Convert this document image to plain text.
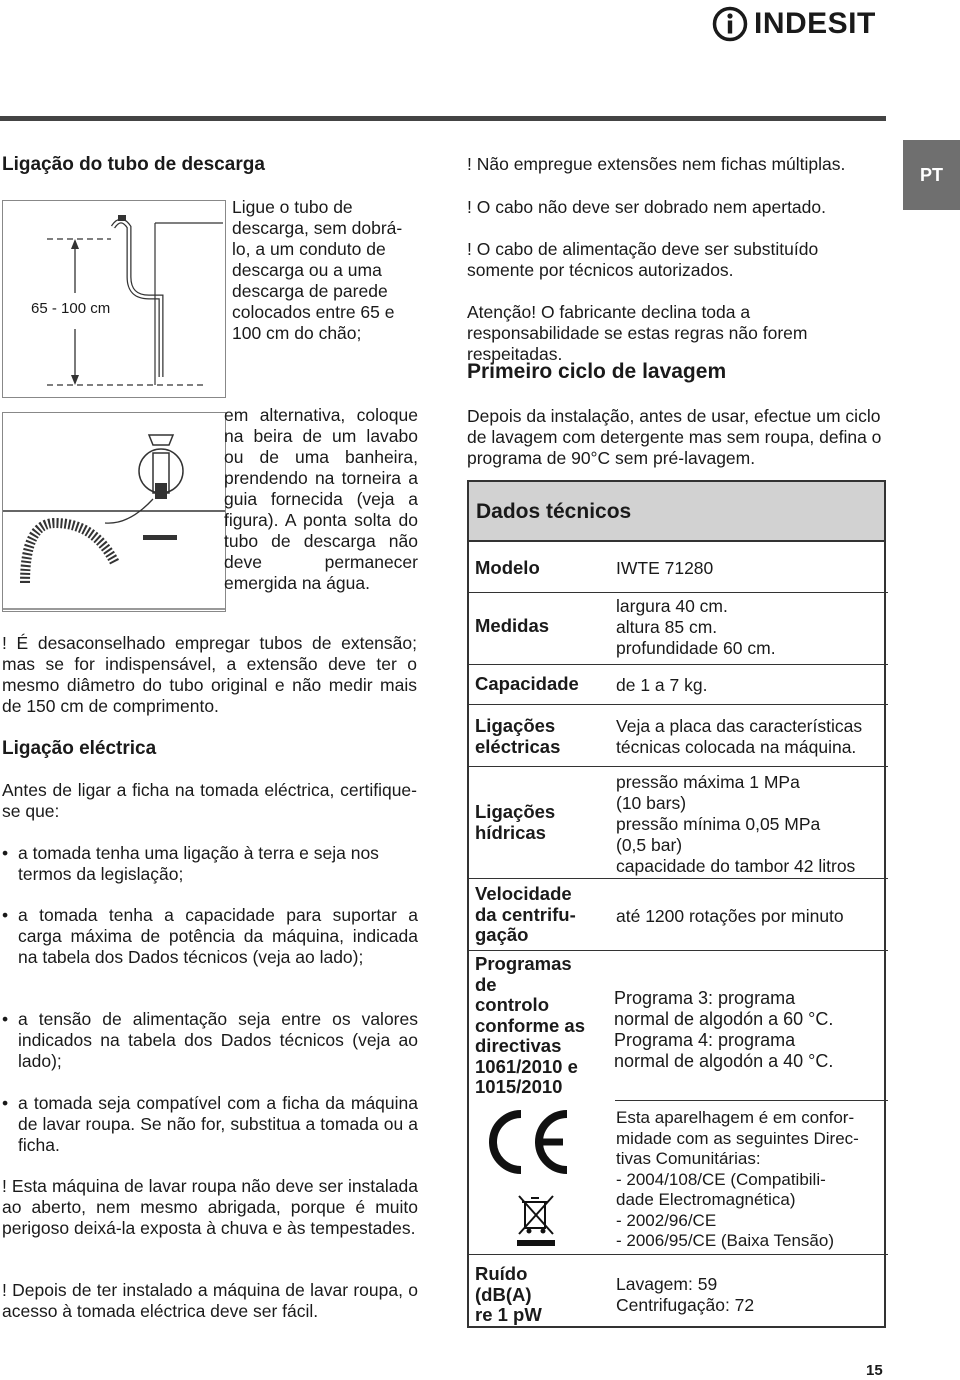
INDESIT
PT
Ligação do tubo de descarga
65 - 100 cm
Ligue o tubo de descarga, sem dobrá-lo, a um conduto de descarga ou a uma descarga de parede colocados entre 65 e 100 cm do chão;
em alternativa, coloque na beira de um lavabo ou de uma banheira, prendendo na torneira a guia fornecida (veja a figura). A ponta solta do tubo de descarga não deve permanecer emergida na água.
! É desaconselhado empregar tubos de extensão; mas se for indispensável, a extensão deve ter o mesmo diâmetro do tubo original e não medir mais de 150 cm de comprimento.
Ligação eléctrica
Antes de ligar a ficha na tomada eléctrica, certifique-se que:
• a tomada tenha uma ligação à terra e seja nos termos da legislação;
• a tomada tenha a capacidade para suportar a carga máxima de potência da máquina, indicada na tabela dos Dados técnicos (veja ao lado);
• a tensão de alimentação seja entre os valores indicados na tabela dos Dados técnicos (veja ao lado);
• a tomada seja compatível com a ficha da máquina de lavar roupa. Se não for, substitua a tomada ou a ficha.
! Esta máquina de lavar roupa não deve ser instalada ao aberto, nem mesmo abrigada, porque é muito perigoso deixá-la exposta à chuva e às tempestades.
! Depois de ter instalado a máquina de lavar roupa, o acesso à tomada eléctrica deve ser fácil.
! Não empregue extensões nem fichas múltiplas.
! O cabo não deve ser dobrado nem apertado.
! O cabo de alimentação deve ser substituído somente por técnicos autorizados.
Atenção! O fabricante declina toda a responsabilidade se estas regras não forem respeitadas.
Primeiro ciclo de lavagem
Depois da instalação, antes de usar, efectue um ciclo de lavagem com detergente mas sem roupa, defina o programa de 90°C sem pré-lavagem.
Dados técnicos
Modelo	IWTE 71280
Medidas
largura 40 cm.
altura 85 cm.
profundidade 60 cm.
Capacidade de 1 a 7 kg.
Ligações
eléctricas
Veja a placa das características
técnicas colocada na máquina.
Ligações
hídricas
pressão máxima 1 MPa
(10 bars)
pressão mínima 0,05 MPa
(0,5 bar)
capacidade do tambor 42 litros
Velocidade
da centrifu-
gação
até 1200 rotações por minuto
Programas
de
controlo
conforme as
directivas
1061/2010 e
1015/2010
Programa 3: programa
normal de algodón a 60 °C.
Programa 4: programa
normal de algodón a 40 °C.
Esta aparelhagem é em confor-
midade com as seguintes Direc-
tivas Comunitárias:
- 2004/108/CE (Compatibili-
dade Electromagnética)
- 2002/96/CE
- 2006/95/CE (Baixa Tensão)
Ruído
(dB(A)
re 1 pW
Lavagem: 59
Centrifugação: 72
15
